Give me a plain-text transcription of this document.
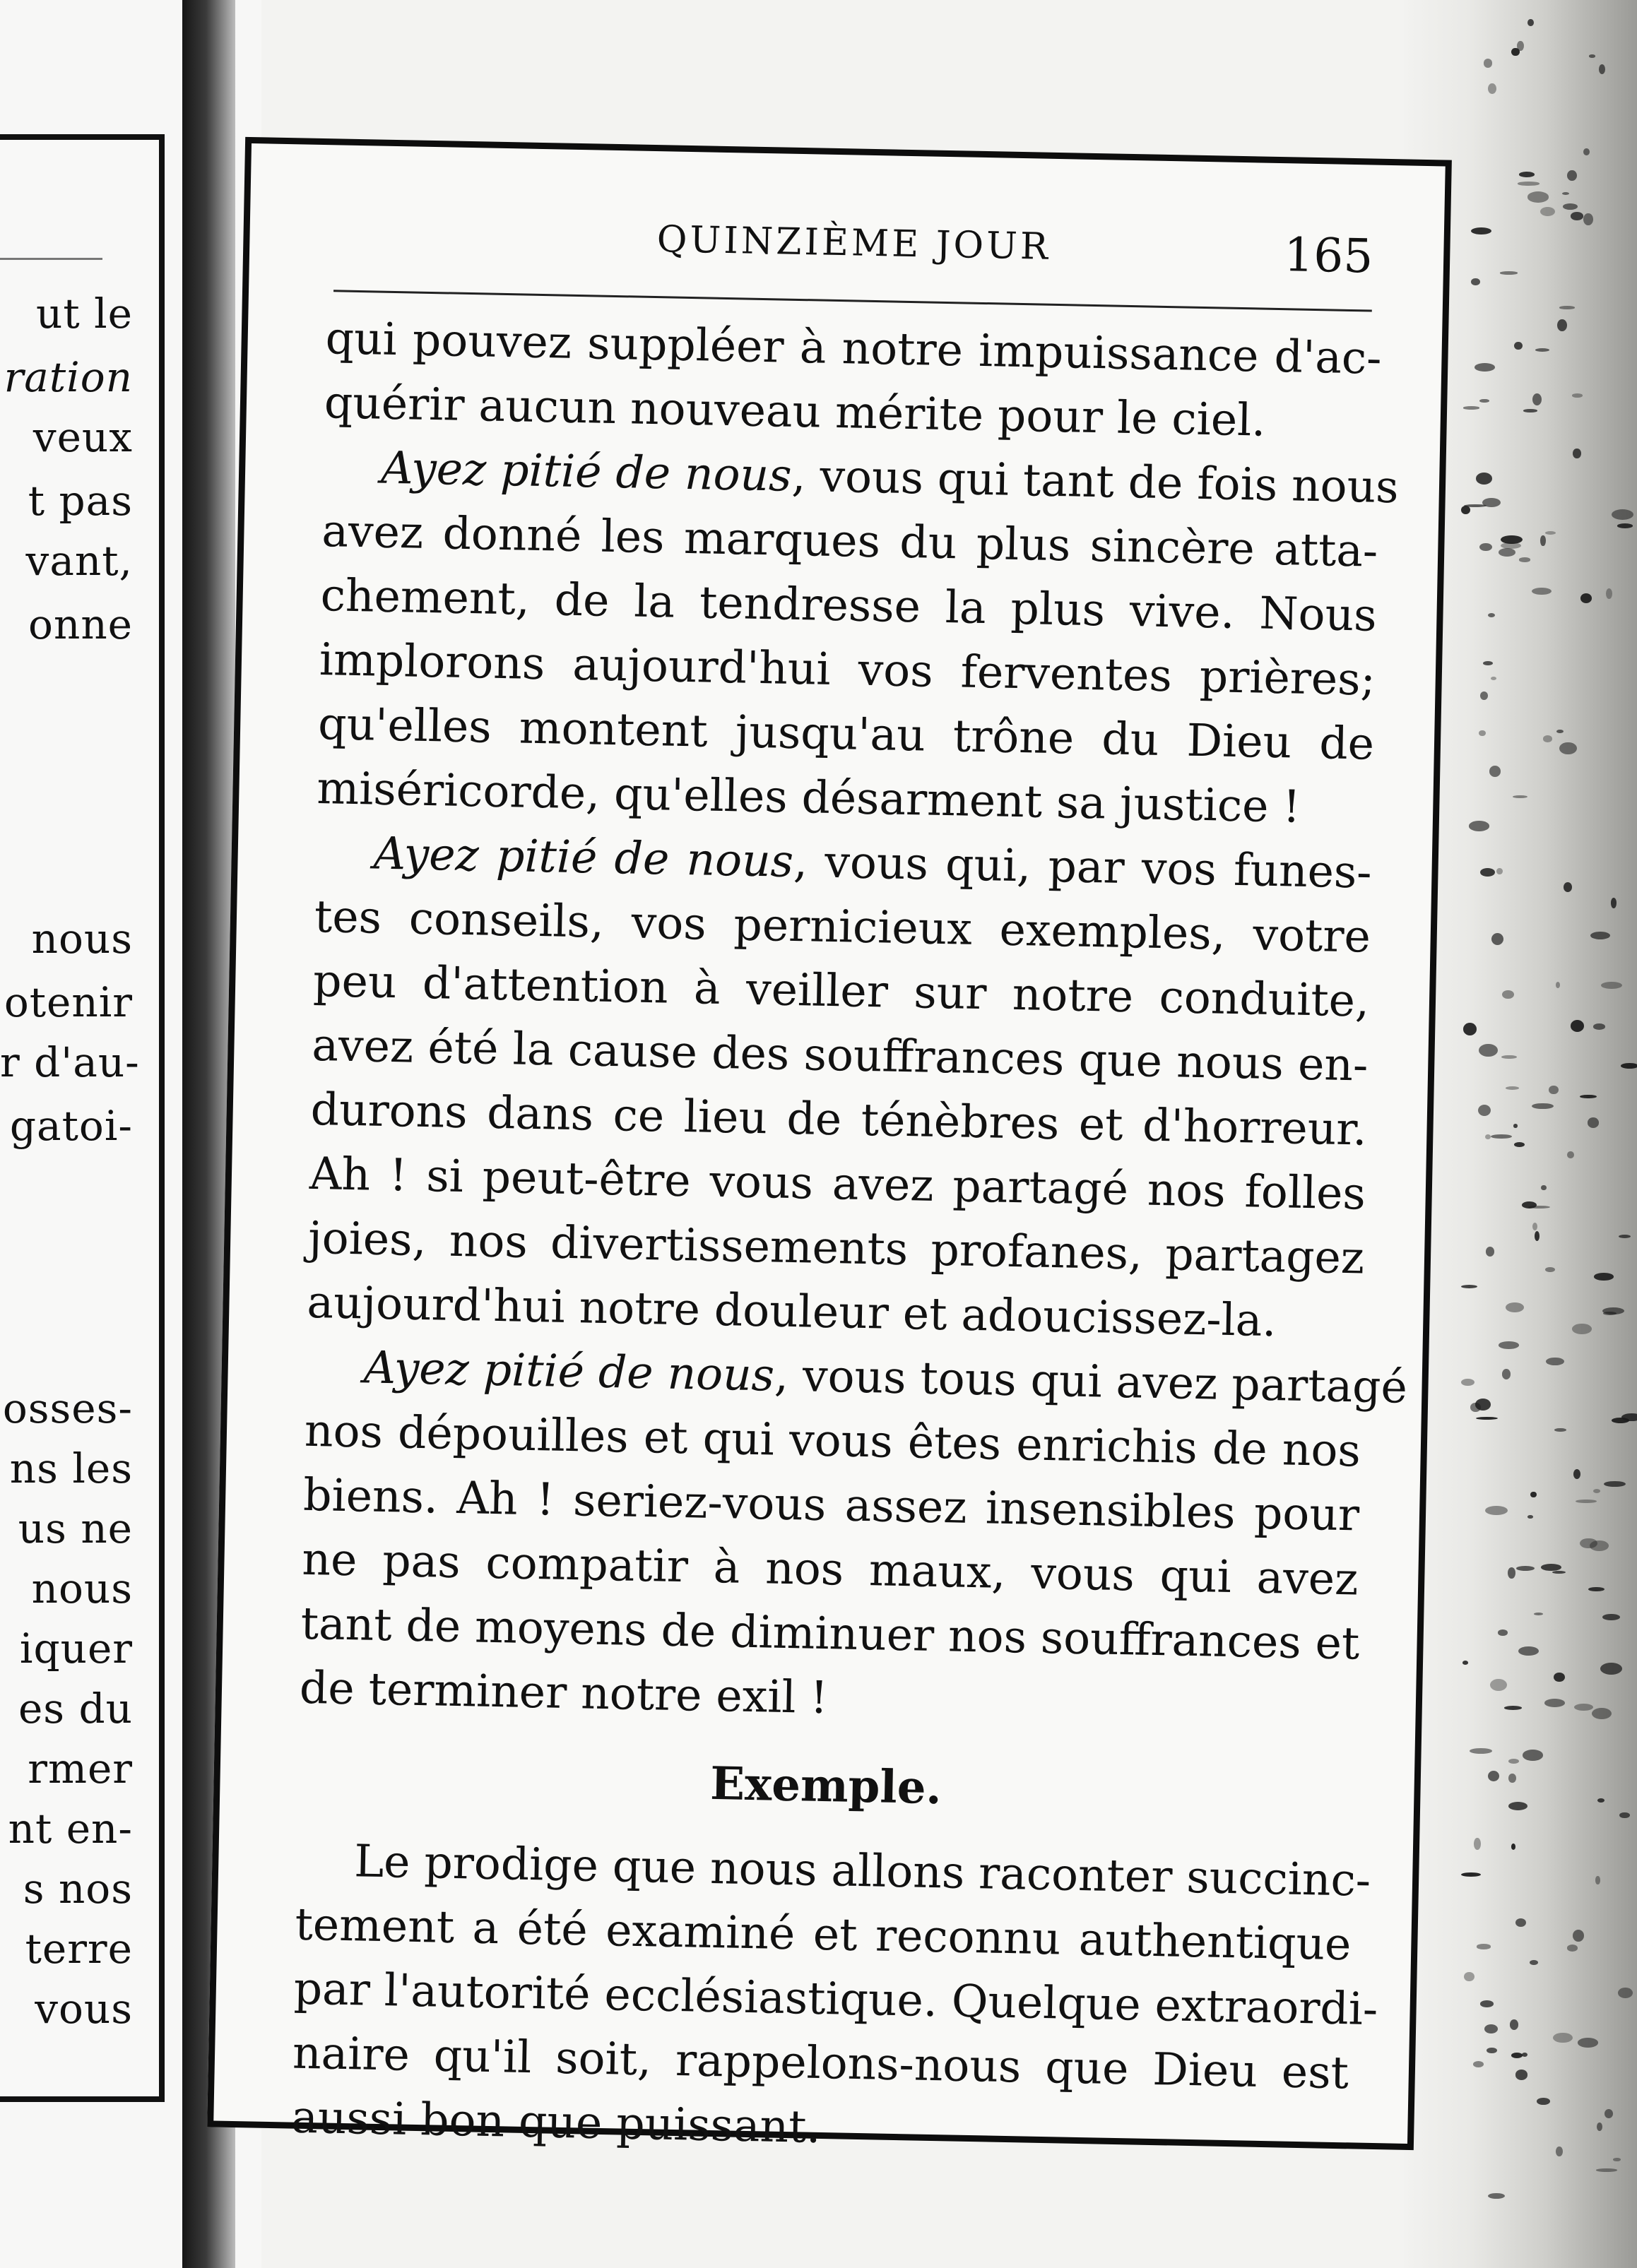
ut le
ration
veux
t pas
vant,
onne
nous
otenir
r d'au-
gatoi-
osses-
ns les
us ne
nous
iquer
es du
rmer
nt en-
s nos
terre
vous
QUINZIÈME JOUR	165
qui pouvez suppléer à notre impuissance d'ac-
quérir aucun nouveau mérite pour le ciel.
Ayez pitié de nous, vous qui tant de fois nous
avez donné les marques du plus sincère atta-
chement, de la tendresse la plus vive. Nous
implorons aujourd'hui vos ferventes prières;
qu'elles montent jusqu'au trône du Dieu de
miséricorde, qu'elles désarment sa justice !
Ayez pitié de nous, vous qui, par vos funes-
tes conseils, vos pernicieux exemples, votre
peu d'attention à veiller sur notre conduite,
avez été la cause des souffrances que nous en-
durons dans ce lieu de ténèbres et d'horreur.
Ah ! si peut-être vous avez partagé nos folles
joies, nos divertissements profanes, partagez
aujourd'hui notre douleur et adoucissez-la.
Ayez pitié de nous, vous tous qui avez partagé
nos dépouilles et qui vous êtes enrichis de nos
biens. Ah ! seriez-vous assez insensibles pour
ne pas compatir à nos maux, vous qui avez
tant de moyens de diminuer nos souffrances et
de terminer notre exil !
Exemple.
Le prodige que nous allons raconter succinc-
tement a été examiné et reconnu authentique
par l'autorité ecclésiastique. Quelque extraordi-
naire qu'il soit, rappelons-nous que Dieu est
aussi bon que puissant.
